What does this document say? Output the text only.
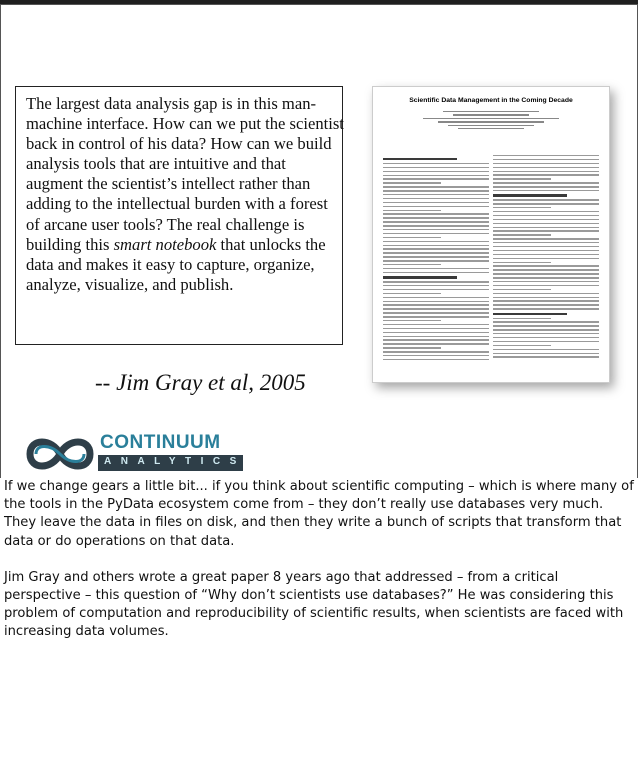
The largest data analysis gap is in this man-machine interface. How can we put the scientist back in control of his data? How can we build analysis tools that are intuitive and that augment the scientist’s intellect rather than adding to the intellectual burden with a forest of arcane user tools? The real challenge is building this smart notebook that unlocks the data and makes it easy to capture, organize, analyze, visualize, and publish.
-- Jim Gray et al, 2005
Scientific Data Management in the Coming Decade
CONTINUUM
ANALYTICS

If we change gears a little bit... if you think about scientific computing – which is where many of the tools in the PyData ecosystem come from – they don’t really use databases very much. They leave the data in files on disk, and then they write a bunch of scripts that transform that data or do operations on that data.

Jim Gray and others wrote a great paper 8 years ago that addressed – from a critical perspective – this question of “Why don’t scientists use databases?” He was considering this problem of computation and reproducibility of scientific results, when scientists are faced with increasing data volumes.
